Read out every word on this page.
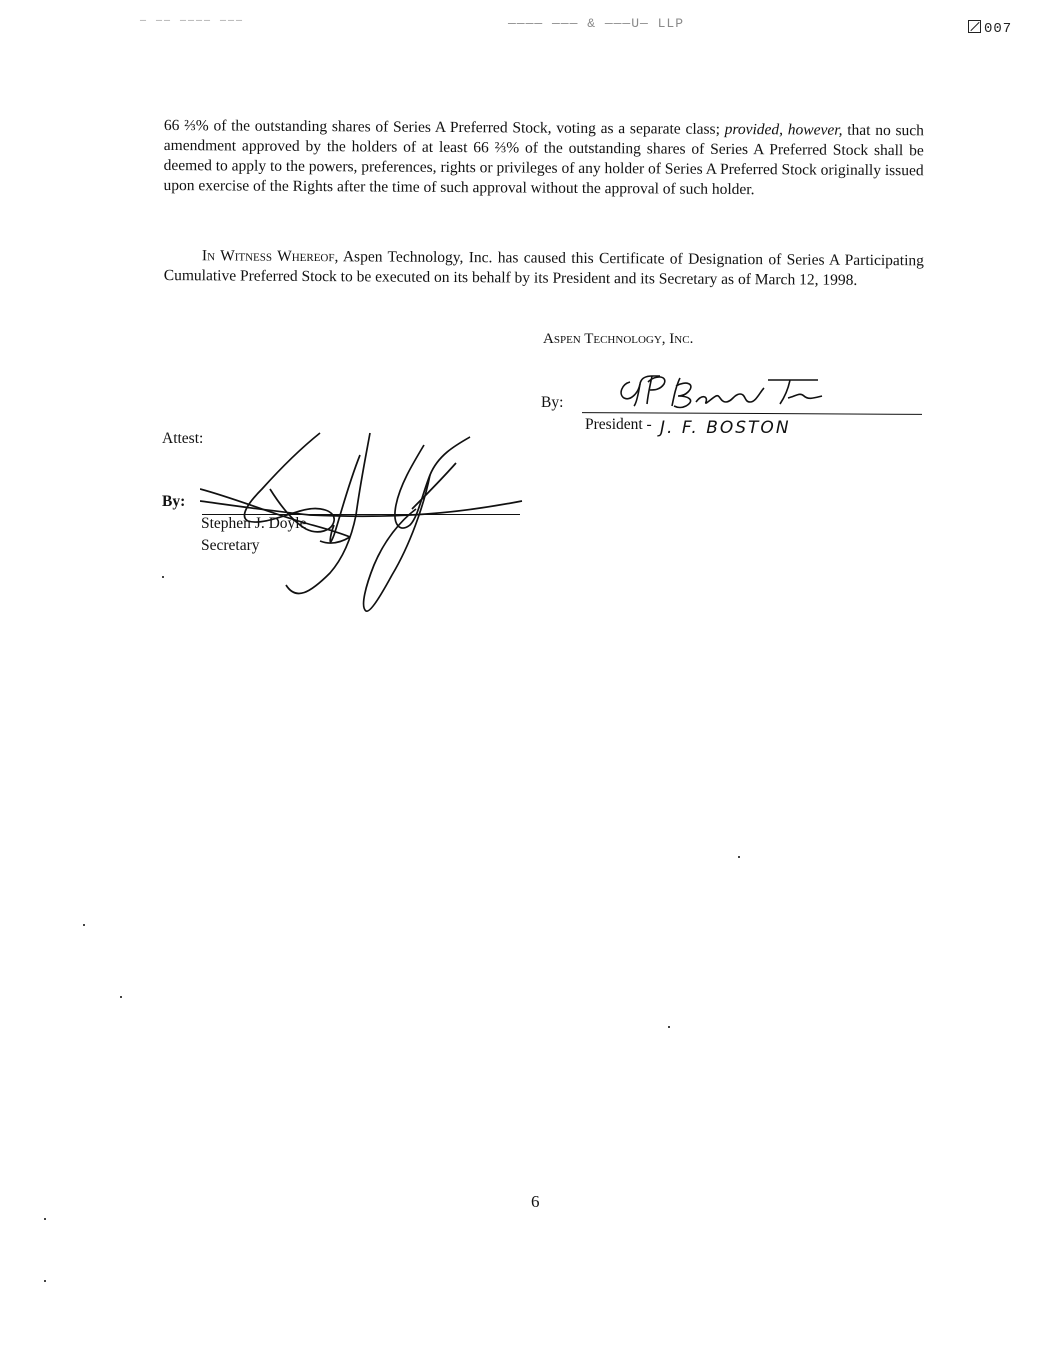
— —— ———— ———	———— ——— & ———U— LLP	007
66 ⅔% of the outstanding shares of Series A Preferred Stock, voting as a separate class; provided, however, that no such amendment approved by the holders of at least 66 ⅔% of the outstanding shares of Series A Preferred Stock shall be deemed to apply to the powers, preferences, rights or privileges of any holder of Series A Preferred Stock originally issued upon exercise of the Rights after the time of such approval without the approval of such holder.
In Witness Whereof, Aspen Technology, Inc. has caused this Certificate of Designation of Series A Participating Cumulative Preferred Stock to be executed on its behalf by its President and its Secretary as of March 12, 1998.
Aspen Technology, Inc.
By:
President - J. F. BOSTON
Attest:
By:
Stephen J. Doyle
Secretary
6
